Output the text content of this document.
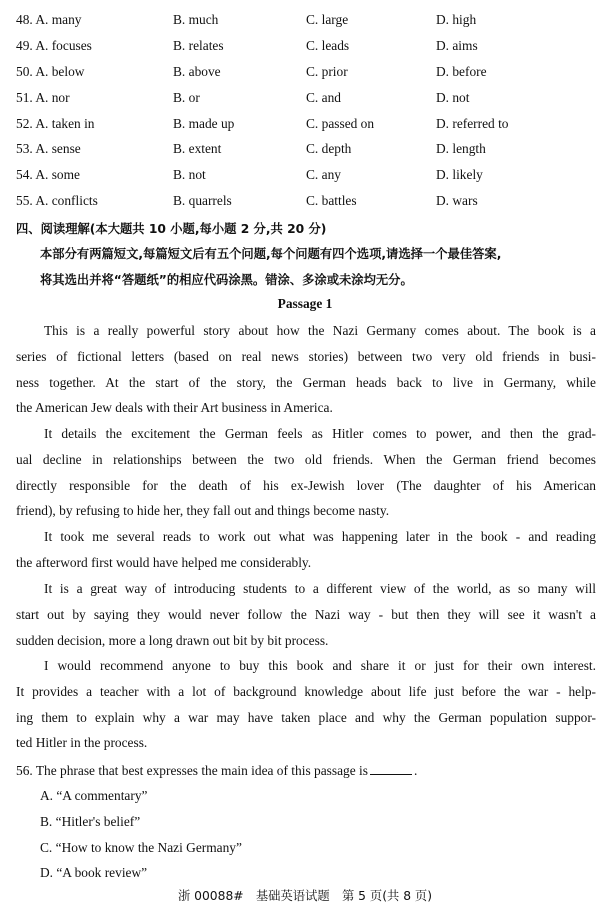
48. A. many	B. much	C. large	D. high
49. A. focuses	B. relates	C. leads	D. aims
50. A. below	B. above	C. prior	D. before
51. A. nor	B. or	C. and	D. not
52. A. taken in	B. made up	C. passed on	D. referred to
53. A. sense	B. extent	C. depth	D. length
54. A. some	B. not	C. any	D. likely
55. A. conflicts	B. quarrels	C. battles	D. wars
四、阅读理解(本大题共 10 小题,每小题 2 分,共 20 分)
本部分有两篇短文,每篇短文后有五个问题,每个问题有四个选项,请选择一个最佳答案,
将其选出并将“答题纸”的相应代码涂黑。错涂、多涂或未涂均无分。
Passage 1
This is a really powerful story about how the Nazi Germany comes about. The book is a
series of fictional letters (based on real news stories) between two very old friends in busi-
ness together. At the start of the story, the German heads back to live in Germany, while
the American Jew deals with their Art business in America.
It details the excitement the German feels as Hitler comes to power, and then the grad-
ual decline in relationships between the two old friends. When the German friend becomes
directly responsible for the death of his ex-Jewish lover (The daughter of his American
friend), by refusing to hide her, they fall out and things become nasty.
It took me several reads to work out what was happening later in the book - and reading
the afterword first would have helped me considerably.
It is a great way of introducing students to a different view of the world, as so many will
start out by saying they would never follow the Nazi way - but then they will see it wasn't a
sudden decision, more a long drawn out bit by bit process.
I would recommend anyone to buy this book and share it or just for their own interest.
It provides a teacher with a lot of background knowledge about life just before the war - help-
ing them to explain why a war may have taken place and why the German population suppor-
ted Hitler in the process.
56. The phrase that best expresses the main idea of this passage is	.
A. “A commentary”
B. “Hitler's belief”
C. “How to know the Nazi Germany”
D. “A book review”
浙 00088#　基础英语试题　第 5 页(共 8 页)
